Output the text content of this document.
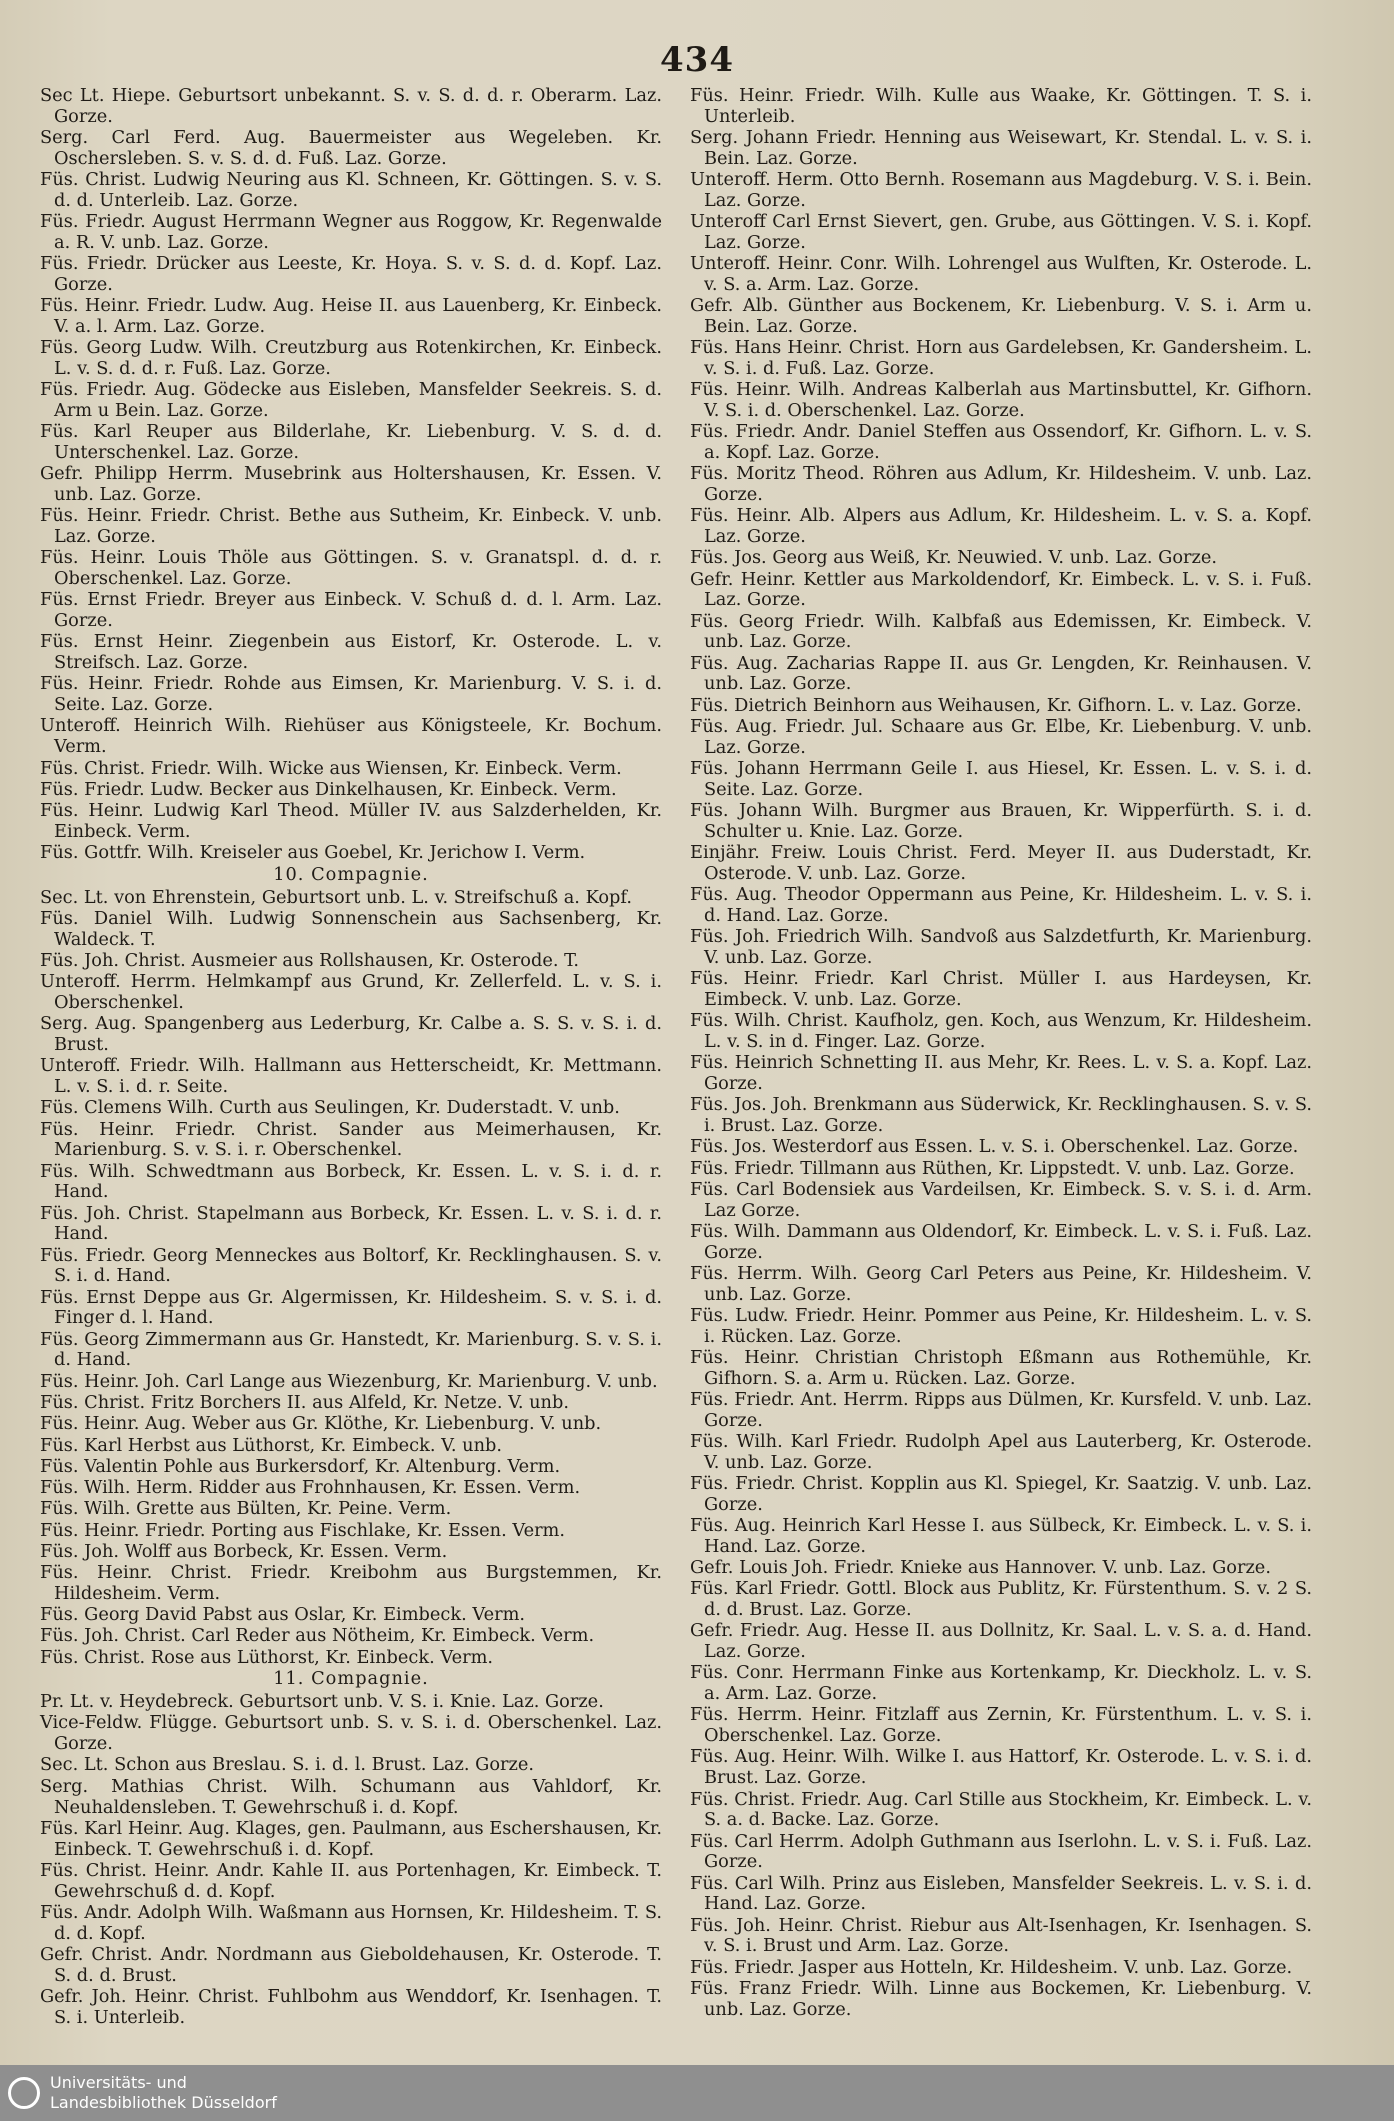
434
Sec Lt. Hiepe. Geburtsort unbekannt. S. v. S. d. d. r. Oberarm. Laz. Gorze.
Serg. Carl Ferd. Aug. Bauermeister aus Wegeleben. Kr. Oschersleben. S. v. S. d. d. Fuß. Laz. Gorze.
Füs. Christ. Ludwig Neuring aus Kl. Schneen, Kr. Göttingen. S. v. S. d. d. Unterleib. Laz. Gorze.
Füs. Friedr. August Herrmann Wegner aus Roggow, Kr. Regenwalde a. R. V. unb. Laz. Gorze.
Füs. Friedr. Drücker aus Leeste, Kr. Hoya. S. v. S. d. d. Kopf. Laz. Gorze.
Füs. Heinr. Friedr. Ludw. Aug. Heise II. aus Lauenberg, Kr. Einbeck. V. a. l. Arm. Laz. Gorze.
Füs. Georg Ludw. Wilh. Creutzburg aus Rotenkirchen, Kr. Einbeck. L. v. S. d. d. r. Fuß. Laz. Gorze.
Füs. Friedr. Aug. Gödecke aus Eisleben, Mansfelder Seekreis. S. d. Arm u Bein. Laz. Gorze.
Füs. Karl Reuper aus Bilderlahe, Kr. Liebenburg. V. S. d. d. Unterschenkel. Laz. Gorze.
Gefr. Philipp Herrm. Musebrink aus Holtershausen, Kr. Essen. V. unb. Laz. Gorze.
Füs. Heinr. Friedr. Christ. Bethe aus Sutheim, Kr. Einbeck. V. unb. Laz. Gorze.
Füs. Heinr. Louis Thöle aus Göttingen. S. v. Granatspl. d. d. r. Oberschenkel. Laz. Gorze.
Füs. Ernst Friedr. Breyer aus Einbeck. V. Schuß d. d. l. Arm. Laz. Gorze.
Füs. Ernst Heinr. Ziegenbein aus Eistorf, Kr. Osterode. L. v. Streifsch. Laz. Gorze.
Füs. Heinr. Friedr. Rohde aus Eimsen, Kr. Marienburg. V. S. i. d. Seite. Laz. Gorze.
Unteroff. Heinrich Wilh. Riehüser aus Königsteele, Kr. Bochum. Verm.
Füs. Christ. Friedr. Wilh. Wicke aus Wiensen, Kr. Einbeck. Verm.
Füs. Friedr. Ludw. Becker aus Dinkelhausen, Kr. Einbeck. Verm.
Füs. Heinr. Ludwig Karl Theod. Müller IV. aus Salzderhelden, Kr. Einbeck. Verm.
Füs. Gottfr. Wilh. Kreiseler aus Goebel, Kr. Jerichow I. Verm.
10. Compagnie.
Sec. Lt. von Ehrenstein, Geburtsort unb. L. v. Streifschuß a. Kopf.
Füs. Daniel Wilh. Ludwig Sonnenschein aus Sachsenberg, Kr. Waldeck. T.
Füs. Joh. Christ. Ausmeier aus Rollshausen, Kr. Osterode. T.
Unteroff. Herrm. Helmkampf aus Grund, Kr. Zellerfeld. L. v. S. i. Oberschenkel.
Serg. Aug. Spangenberg aus Lederburg, Kr. Calbe a. S. S. v. S. i. d. Brust.
Unteroff. Friedr. Wilh. Hallmann aus Hetterscheidt, Kr. Mettmann. L. v. S. i. d. r. Seite.
Füs. Clemens Wilh. Curth aus Seulingen, Kr. Duderstadt. V. unb.
Füs. Heinr. Friedr. Christ. Sander aus Meimerhausen, Kr. Marienburg. S. v. S. i. r. Oberschenkel.
Füs. Wilh. Schwedtmann aus Borbeck, Kr. Essen. L. v. S. i. d. r. Hand.
Füs. Joh. Christ. Stapelmann aus Borbeck, Kr. Essen. L. v. S. i. d. r. Hand.
Füs. Friedr. Georg Menneckes aus Boltorf, Kr. Recklinghausen. S. v. S. i. d. Hand.
Füs. Ernst Deppe aus Gr. Algermissen, Kr. Hildesheim. S. v. S. i. d. Finger d. l. Hand.
Füs. Georg Zimmermann aus Gr. Hanstedt, Kr. Marienburg. S. v. S. i. d. Hand.
Füs. Heinr. Joh. Carl Lange aus Wiezenburg, Kr. Marienburg. V. unb.
Füs. Christ. Fritz Borchers II. aus Alfeld, Kr. Netze. V. unb.
Füs. Heinr. Aug. Weber aus Gr. Klöthe, Kr. Liebenburg. V. unb.
Füs. Karl Herbst aus Lüthorst, Kr. Eimbeck. V. unb.
Füs. Valentin Pohle aus Burkersdorf, Kr. Altenburg. Verm.
Füs. Wilh. Herm. Ridder aus Frohnhausen, Kr. Essen. Verm.
Füs. Wilh. Grette aus Bülten, Kr. Peine. Verm.
Füs. Heinr. Friedr. Porting aus Fischlake, Kr. Essen. Verm.
Füs. Joh. Wolff aus Borbeck, Kr. Essen. Verm.
Füs. Heinr. Christ. Friedr. Kreibohm aus Burgstemmen, Kr. Hildesheim. Verm.
Füs. Georg David Pabst aus Oslar, Kr. Eimbeck. Verm.
Füs. Joh. Christ. Carl Reder aus Nötheim, Kr. Eimbeck. Verm.
Füs. Christ. Rose aus Lüthorst, Kr. Einbeck. Verm.
11. Compagnie.
Pr. Lt. v. Heydebreck. Geburtsort unb. V. S. i. Knie. Laz. Gorze.
Vice-Feldw. Flügge. Geburtsort unb. S. v. S. i. d. Oberschenkel. Laz. Gorze.
Sec. Lt. Schon aus Breslau. S. i. d. l. Brust. Laz. Gorze.
Serg. Mathias Christ. Wilh. Schumann aus Vahldorf, Kr. Neuhaldensleben. T. Gewehrschuß i. d. Kopf.
Füs. Karl Heinr. Aug. Klages, gen. Paulmann, aus Eschershausen, Kr. Einbeck. T. Gewehrschuß i. d. Kopf.
Füs. Christ. Heinr. Andr. Kahle II. aus Portenhagen, Kr. Eimbeck. T. Gewehrschuß d. d. Kopf.
Füs. Andr. Adolph Wilh. Waßmann aus Hornsen, Kr. Hildesheim. T. S. d. d. Kopf.
Gefr. Christ. Andr. Nordmann aus Gieboldehausen, Kr. Osterode. T. S. d. d. Brust.
Gefr. Joh. Heinr. Christ. Fuhlbohm aus Wenddorf, Kr. Isenhagen. T. S. i. Unterleib.
Füs. Heinr. Friedr. Wilh. Kulle aus Waake, Kr. Göttingen. T. S. i. Unterleib.
Serg. Johann Friedr. Henning aus Weisewart, Kr. Stendal. L. v. S. i. Bein. Laz. Gorze.
Unteroff. Herm. Otto Bernh. Rosemann aus Magdeburg. V. S. i. Bein. Laz. Gorze.
Unteroff Carl Ernst Sievert, gen. Grube, aus Göttingen. V. S. i. Kopf. Laz. Gorze.
Unteroff. Heinr. Conr. Wilh. Lohrengel aus Wulften, Kr. Osterode. L. v. S. a. Arm. Laz. Gorze.
Gefr. Alb. Günther aus Bockenem, Kr. Liebenburg. V. S. i. Arm u. Bein. Laz. Gorze.
Füs. Hans Heinr. Christ. Horn aus Gardelebsen, Kr. Gandersheim. L. v. S. i. d. Fuß. Laz. Gorze.
Füs. Heinr. Wilh. Andreas Kalberlah aus Martinsbuttel, Kr. Gifhorn. V. S. i. d. Oberschenkel. Laz. Gorze.
Füs. Friedr. Andr. Daniel Steffen aus Ossendorf, Kr. Gifhorn. L. v. S. a. Kopf. Laz. Gorze.
Füs. Moritz Theod. Röhren aus Adlum, Kr. Hildesheim. V. unb. Laz. Gorze.
Füs. Heinr. Alb. Alpers aus Adlum, Kr. Hildesheim. L. v. S. a. Kopf. Laz. Gorze.
Füs. Jos. Georg aus Weiß, Kr. Neuwied. V. unb. Laz. Gorze.
Gefr. Heinr. Kettler aus Markoldendorf, Kr. Eimbeck. L. v. S. i. Fuß. Laz. Gorze.
Füs. Georg Friedr. Wilh. Kalbfaß aus Edemissen, Kr. Eimbeck. V. unb. Laz. Gorze.
Füs. Aug. Zacharias Rappe II. aus Gr. Lengden, Kr. Reinhausen. V. unb. Laz. Gorze.
Füs. Dietrich Beinhorn aus Weihausen, Kr. Gifhorn. L. v. Laz. Gorze.
Füs. Aug. Friedr. Jul. Schaare aus Gr. Elbe, Kr. Liebenburg. V. unb. Laz. Gorze.
Füs. Johann Herrmann Geile I. aus Hiesel, Kr. Essen. L. v. S. i. d. Seite. Laz. Gorze.
Füs. Johann Wilh. Burgmer aus Brauen, Kr. Wipperfürth. S. i. d. Schulter u. Knie. Laz. Gorze.
Einjähr. Freiw. Louis Christ. Ferd. Meyer II. aus Duderstadt, Kr. Osterode. V. unb. Laz. Gorze.
Füs. Aug. Theodor Oppermann aus Peine, Kr. Hildesheim. L. v. S. i. d. Hand. Laz. Gorze.
Füs. Joh. Friedrich Wilh. Sandvoß aus Salzdetfurth, Kr. Marienburg. V. unb. Laz. Gorze.
Füs. Heinr. Friedr. Karl Christ. Müller I. aus Hardeysen, Kr. Eimbeck. V. unb. Laz. Gorze.
Füs. Wilh. Christ. Kaufholz, gen. Koch, aus Wenzum, Kr. Hildesheim. L. v. S. in d. Finger. Laz. Gorze.
Füs. Heinrich Schnetting II. aus Mehr, Kr. Rees. L. v. S. a. Kopf. Laz. Gorze.
Füs. Jos. Joh. Brenkmann aus Süderwick, Kr. Recklinghausen. S. v. S. i. Brust. Laz. Gorze.
Füs. Jos. Westerdorf aus Essen. L. v. S. i. Oberschenkel. Laz. Gorze.
Füs. Friedr. Tillmann aus Rüthen, Kr. Lippstedt. V. unb. Laz. Gorze.
Füs. Carl Bodensiek aus Vardeilsen, Kr. Eimbeck. S. v. S. i. d. Arm. Laz Gorze.
Füs. Wilh. Dammann aus Oldendorf, Kr. Eimbeck. L. v. S. i. Fuß. Laz. Gorze.
Füs. Herrm. Wilh. Georg Carl Peters aus Peine, Kr. Hildesheim. V. unb. Laz. Gorze.
Füs. Ludw. Friedr. Heinr. Pommer aus Peine, Kr. Hildesheim. L. v. S. i. Rücken. Laz. Gorze.
Füs. Heinr. Christian Christoph Eßmann aus Rothemühle, Kr. Gifhorn. S. a. Arm u. Rücken. Laz. Gorze.
Füs. Friedr. Ant. Herrm. Ripps aus Dülmen, Kr. Kursfeld. V. unb. Laz. Gorze.
Füs. Wilh. Karl Friedr. Rudolph Apel aus Lauterberg, Kr. Osterode. V. unb. Laz. Gorze.
Füs. Friedr. Christ. Kopplin aus Kl. Spiegel, Kr. Saatzig. V. unb. Laz. Gorze.
Füs. Aug. Heinrich Karl Hesse I. aus Sülbeck, Kr. Eimbeck. L. v. S. i. Hand. Laz. Gorze.
Gefr. Louis Joh. Friedr. Knieke aus Hannover. V. unb. Laz. Gorze.
Füs. Karl Friedr. Gottl. Block aus Publitz, Kr. Fürstenthum. S. v. 2 S. d. d. Brust. Laz. Gorze.
Gefr. Friedr. Aug. Hesse II. aus Dollnitz, Kr. Saal. L. v. S. a. d. Hand. Laz. Gorze.
Füs. Conr. Herrmann Finke aus Kortenkamp, Kr. Dieckholz. L. v. S. a. Arm. Laz. Gorze.
Füs. Herrm. Heinr. Fitzlaff aus Zernin, Kr. Fürstenthum. L. v. S. i. Oberschenkel. Laz. Gorze.
Füs. Aug. Heinr. Wilh. Wilke I. aus Hattorf, Kr. Osterode. L. v. S. i. d. Brust. Laz. Gorze.
Füs. Christ. Friedr. Aug. Carl Stille aus Stockheim, Kr. Eimbeck. L. v. S. a. d. Backe. Laz. Gorze.
Füs. Carl Herrm. Adolph Guthmann aus Iserlohn. L. v. S. i. Fuß. Laz. Gorze.
Füs. Carl Wilh. Prinz aus Eisleben, Mansfelder Seekreis. L. v. S. i. d. Hand. Laz. Gorze.
Füs. Joh. Heinr. Christ. Riebur aus Alt-Isenhagen, Kr. Isenhagen. S. v. S. i. Brust und Arm. Laz. Gorze.
Füs. Friedr. Jasper aus Hotteln, Kr. Hildesheim. V. unb. Laz. Gorze.
Füs. Franz Friedr. Wilh. Linne aus Bockemen, Kr. Liebenburg. V. unb. Laz. Gorze.
Universitäts- und
Landesbibliothek Düsseldorf
